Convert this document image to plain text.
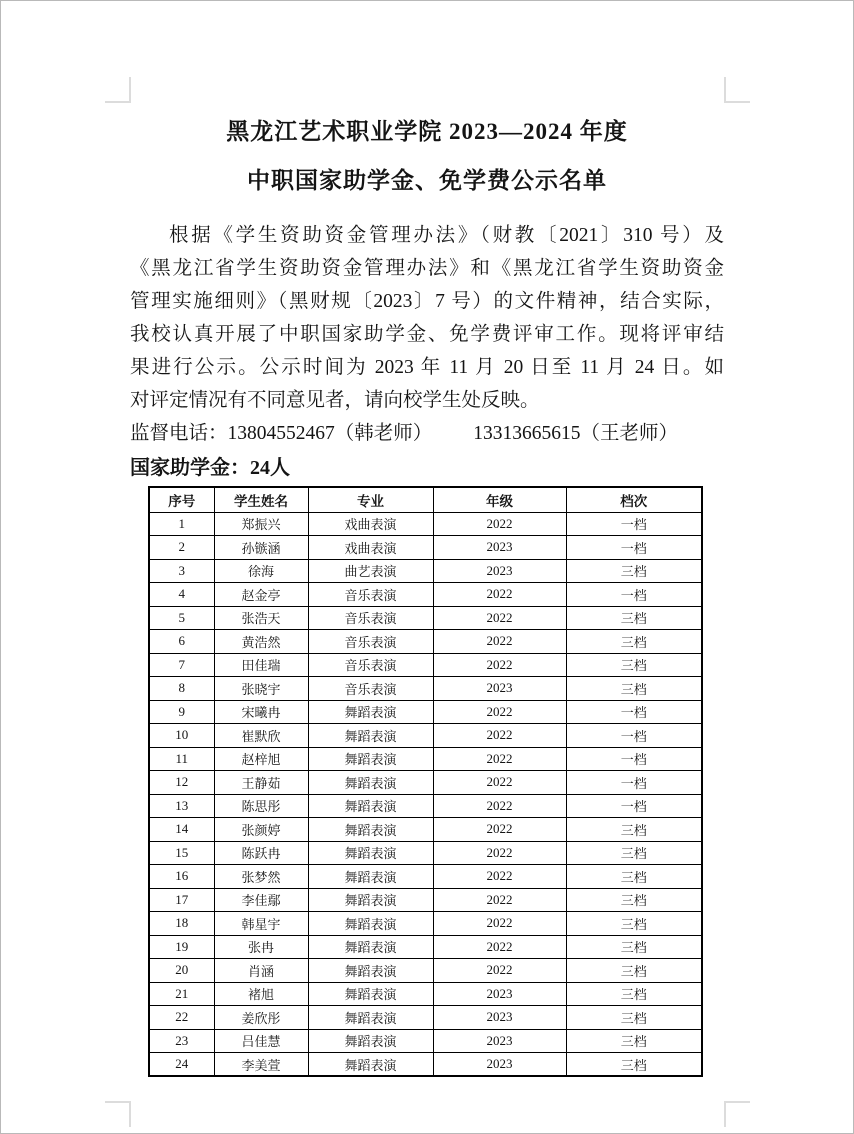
黑龙江艺术职业学院 2023—2024 年度
中职国家助学金、免学费公示名单
根据《学生资助资金管理办法》（财教〔2021〕310 号）及
《黑龙江省学生资助资金管理办法》和《黑龙江省学生资助资金
管理实施细则》（黑财规〔2023〕7 号）的文件精神，结合实际，
我校认真开展了中职国家助学金、免学费评审工作。现将评审结
果进行公示。公示时间为 2023 年 11 月 20 日至 11 月 24 日。如
对评定情况有不同意见者，请向校学生处反映。
监督电话：13804552467（韩老师） 13313665615（王老师）
国家助学金：24人
序号	学生姓名	专业	年级	档次
1	郑振兴	戏曲表演	2022	一档
2	孙镞涵	戏曲表演	2023	一档
3	徐海	曲艺表演	2023	三档
4	赵金亭	音乐表演	2022	一档
5	张浩天	音乐表演	2022	三档
6	黄浩然	音乐表演	2022	三档
7	田佳瑞	音乐表演	2022	三档
8	张晓宇	音乐表演	2023	三档
9	宋曦冉	舞蹈表演	2022	一档
10	崔默欣	舞蹈表演	2022	一档
11	赵梓旭	舞蹈表演	2022	一档
12	王静茹	舞蹈表演	2022	一档
13	陈思彤	舞蹈表演	2022	一档
14	张颜婷	舞蹈表演	2022	三档
15	陈跃冉	舞蹈表演	2022	三档
16	张梦然	舞蹈表演	2022	三档
17	李佳鄢	舞蹈表演	2022	三档
18	韩星宇	舞蹈表演	2022	三档
19	张冉	舞蹈表演	2022	三档
20	肖涵	舞蹈表演	2022	三档
21	褚旭	舞蹈表演	2023	三档
22	姜欣彤	舞蹈表演	2023	三档
23	吕佳慧	舞蹈表演	2023	三档
24	李美萱	舞蹈表演	2023	三档
